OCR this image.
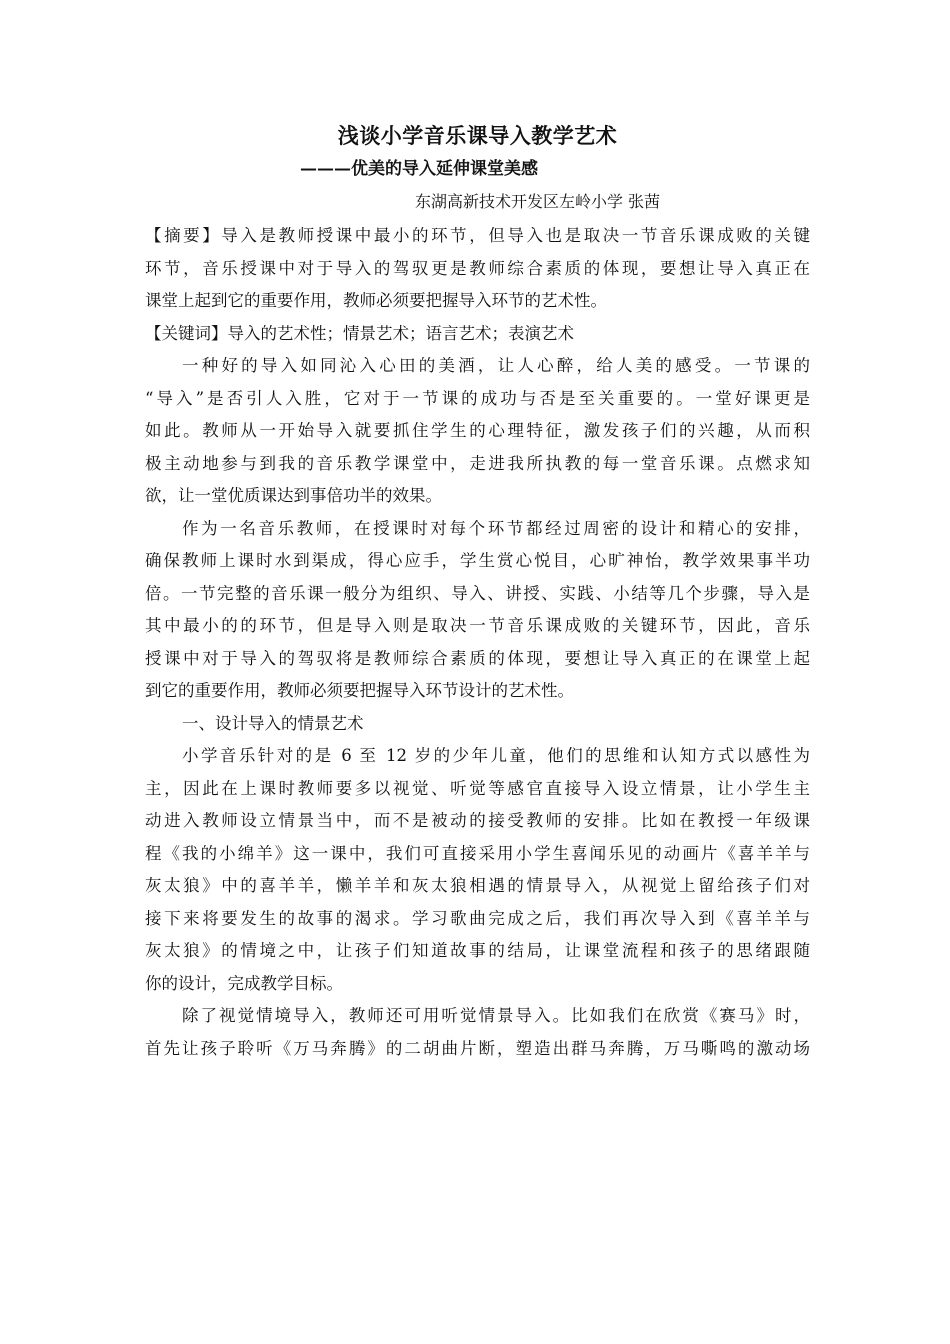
浅谈小学音乐课导入教学艺术

———优美的导入延伸课堂美感

东湖高新技术开发区左岭小学 张茜

【摘要】导入是教师授课中最小的环节，但导入也是取决一节音乐课成败的关键

环节，音乐授课中对于导入的驾驭更是教师综合素质的体现，要想让导入真正在

课堂上起到它的重要作用，教师必须要把握导入环节的艺术性。

【关键词】导入的艺术性；情景艺术；语言艺术；表演艺术

一种好的导入如同沁入心田的美酒，让人心醉，给人美的感受。一节课的

“导入”是否引人入胜，它对于一节课的成功与否是至关重要的。一堂好课更是

如此。教师从一开始导入就要抓住学生的心理特征，激发孩子们的兴趣，从而积

极主动地参与到我的音乐教学课堂中，走进我所执教的每一堂音乐课。点燃求知

欲，让一堂优质课达到事倍功半的效果。

作为一名音乐教师，在授课时对每个环节都经过周密的设计和精心的安排，

确保教师上课时水到渠成，得心应手，学生赏心悦目，心旷神怡，教学效果事半功

倍。一节完整的音乐课一般分为组织、导入、讲授、实践、小结等几个步骤，导入是

其中最小的的环节，但是导入则是取决一节音乐课成败的关键环节，因此，音乐

授课中对于导入的驾驭将是教师综合素质的体现，要想让导入真正的在课堂上起

到它的重要作用，教师必须要把握导入环节设计的艺术性。

一、设计导入的情景艺术

小学音乐针对的是 6 至 12 岁的少年儿童，他们的思维和认知方式以感性为

主，因此在上课时教师要多以视觉、听觉等感官直接导入设立情景，让小学生主

动进入教师设立情景当中，而不是被动的接受教师的安排。比如在教授一年级课

程《我的小绵羊》这一课中，我们可直接采用小学生喜闻乐见的动画片《喜羊羊与

灰太狼》中的喜羊羊，懒羊羊和灰太狼相遇的情景导入，从视觉上留给孩子们对

接下来将要发生的故事的渴求。学习歌曲完成之后，我们再次导入到《喜羊羊与

灰太狼》的情境之中，让孩子们知道故事的结局，让课堂流程和孩子的思绪跟随

你的设计，完成教学目标。

除了视觉情境导入，教师还可用听觉情景导入。比如我们在欣赏《赛马》时，

首先让孩子聆听《万马奔腾》的二胡曲片断，塑造出群马奔腾，万马嘶鸣的激动场
